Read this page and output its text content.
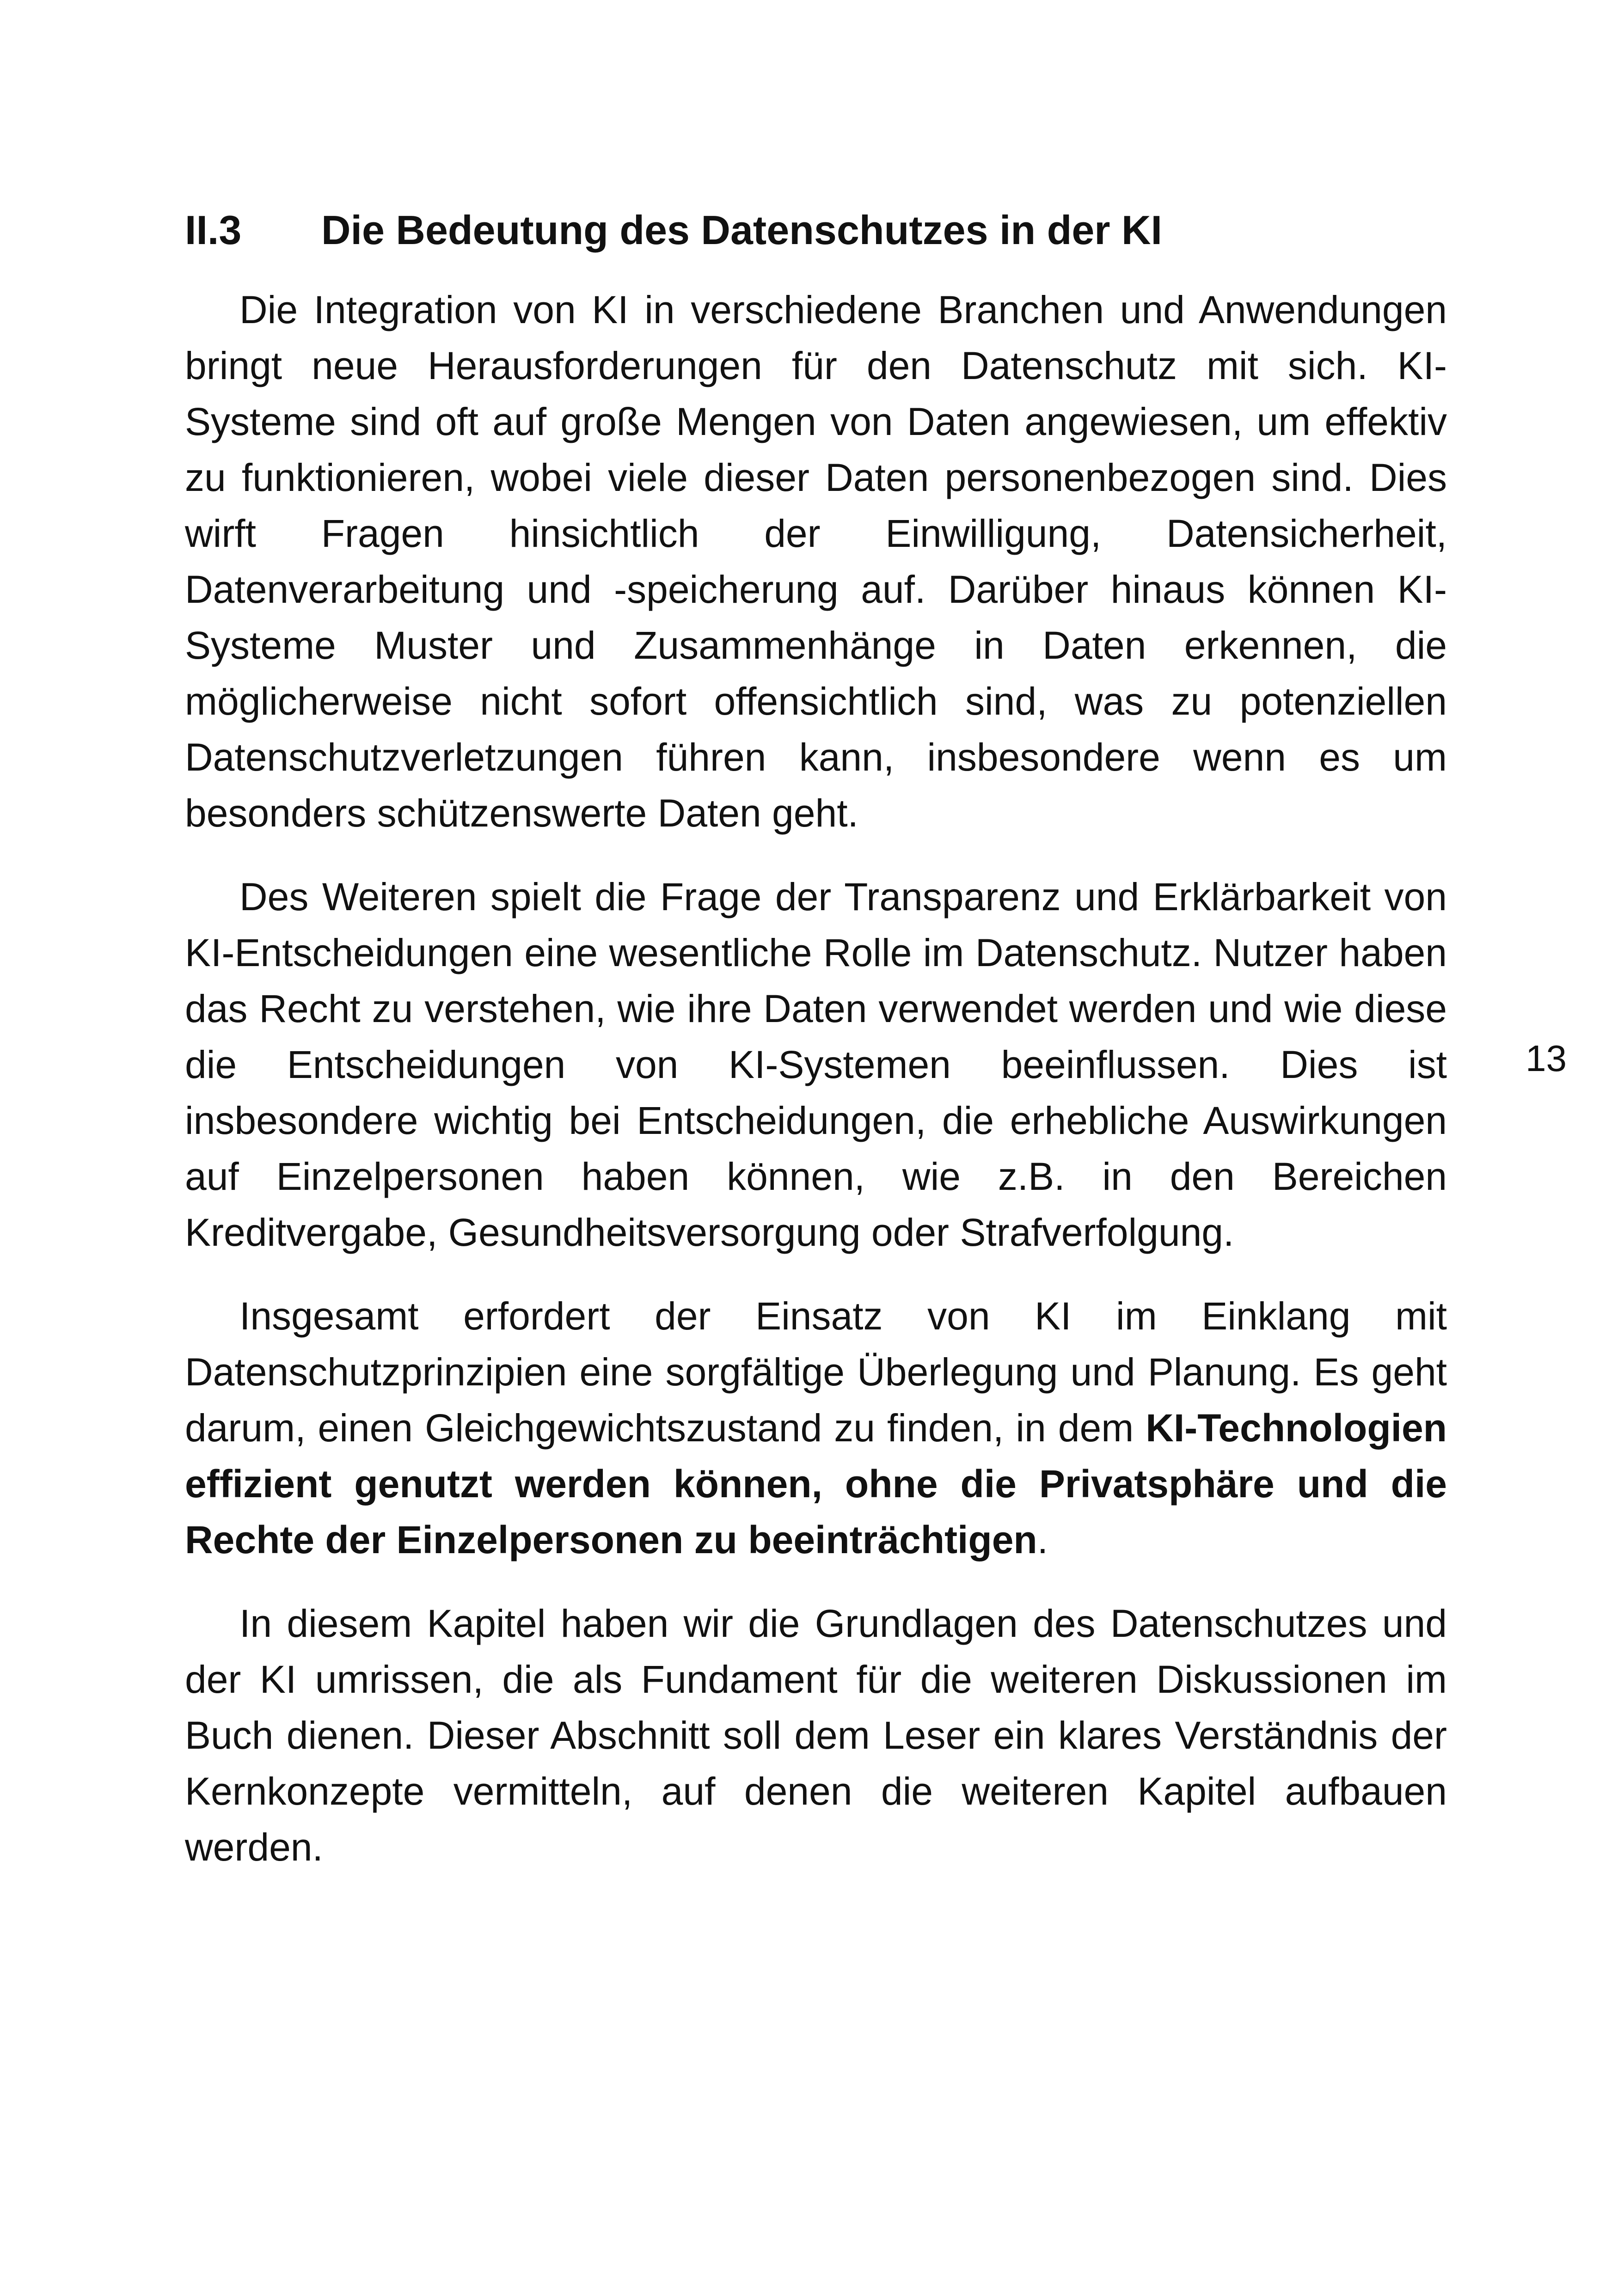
II.3 Die Bedeutung des Datenschutzes in der KI

Die Integration von KI in verschiedene Branchen und Anwendungen bringt neue Herausforderungen für den Datenschutz mit sich. KI-Systeme sind oft auf große Mengen von Daten angewiesen, um effektiv zu funktionieren, wobei viele dieser Daten personenbezogen sind. Dies wirft Fragen hinsichtlich der Einwilligung, Datensicherheit, Datenverarbeitung und -speicherung auf. Darüber hinaus können KI-Systeme Muster und Zusammenhänge in Daten erkennen, die möglicherweise nicht sofort offensichtlich sind, was zu potenziellen Datenschutzverletzungen führen kann, insbesondere wenn es um besonders schützenswerte Daten geht.

Des Weiteren spielt die Frage der Transparenz und Erklärbarkeit von KI-Entscheidungen eine wesentliche Rolle im Datenschutz. Nutzer haben das Recht zu verstehen, wie ihre Daten verwendet werden und wie diese die Entscheidungen von KI-Systemen beeinflussen. Dies ist insbesondere wichtig bei Entscheidungen, die erhebliche Auswirkungen auf Einzelpersonen haben können, wie z.B. in den Bereichen Kreditvergabe, Gesundheitsversorgung oder Strafverfolgung.

Insgesamt erfordert der Einsatz von KI im Einklang mit Datenschutzprinzipien eine sorgfältige Überlegung und Planung. Es geht darum, einen Gleichgewichtszustand zu finden, in dem KI-Technologien effizient genutzt werden können, ohne die Privatsphäre und die Rechte der Einzelpersonen zu beeinträchtigen.

In diesem Kapitel haben wir die Grundlagen des Datenschutzes und der KI umrissen, die als Fundament für die weiteren Diskussionen im Buch dienen. Dieser Abschnitt soll dem Leser ein klares Verständnis der Kernkonzepte vermitteln, auf denen die weiteren Kapitel aufbauen werden.

13
